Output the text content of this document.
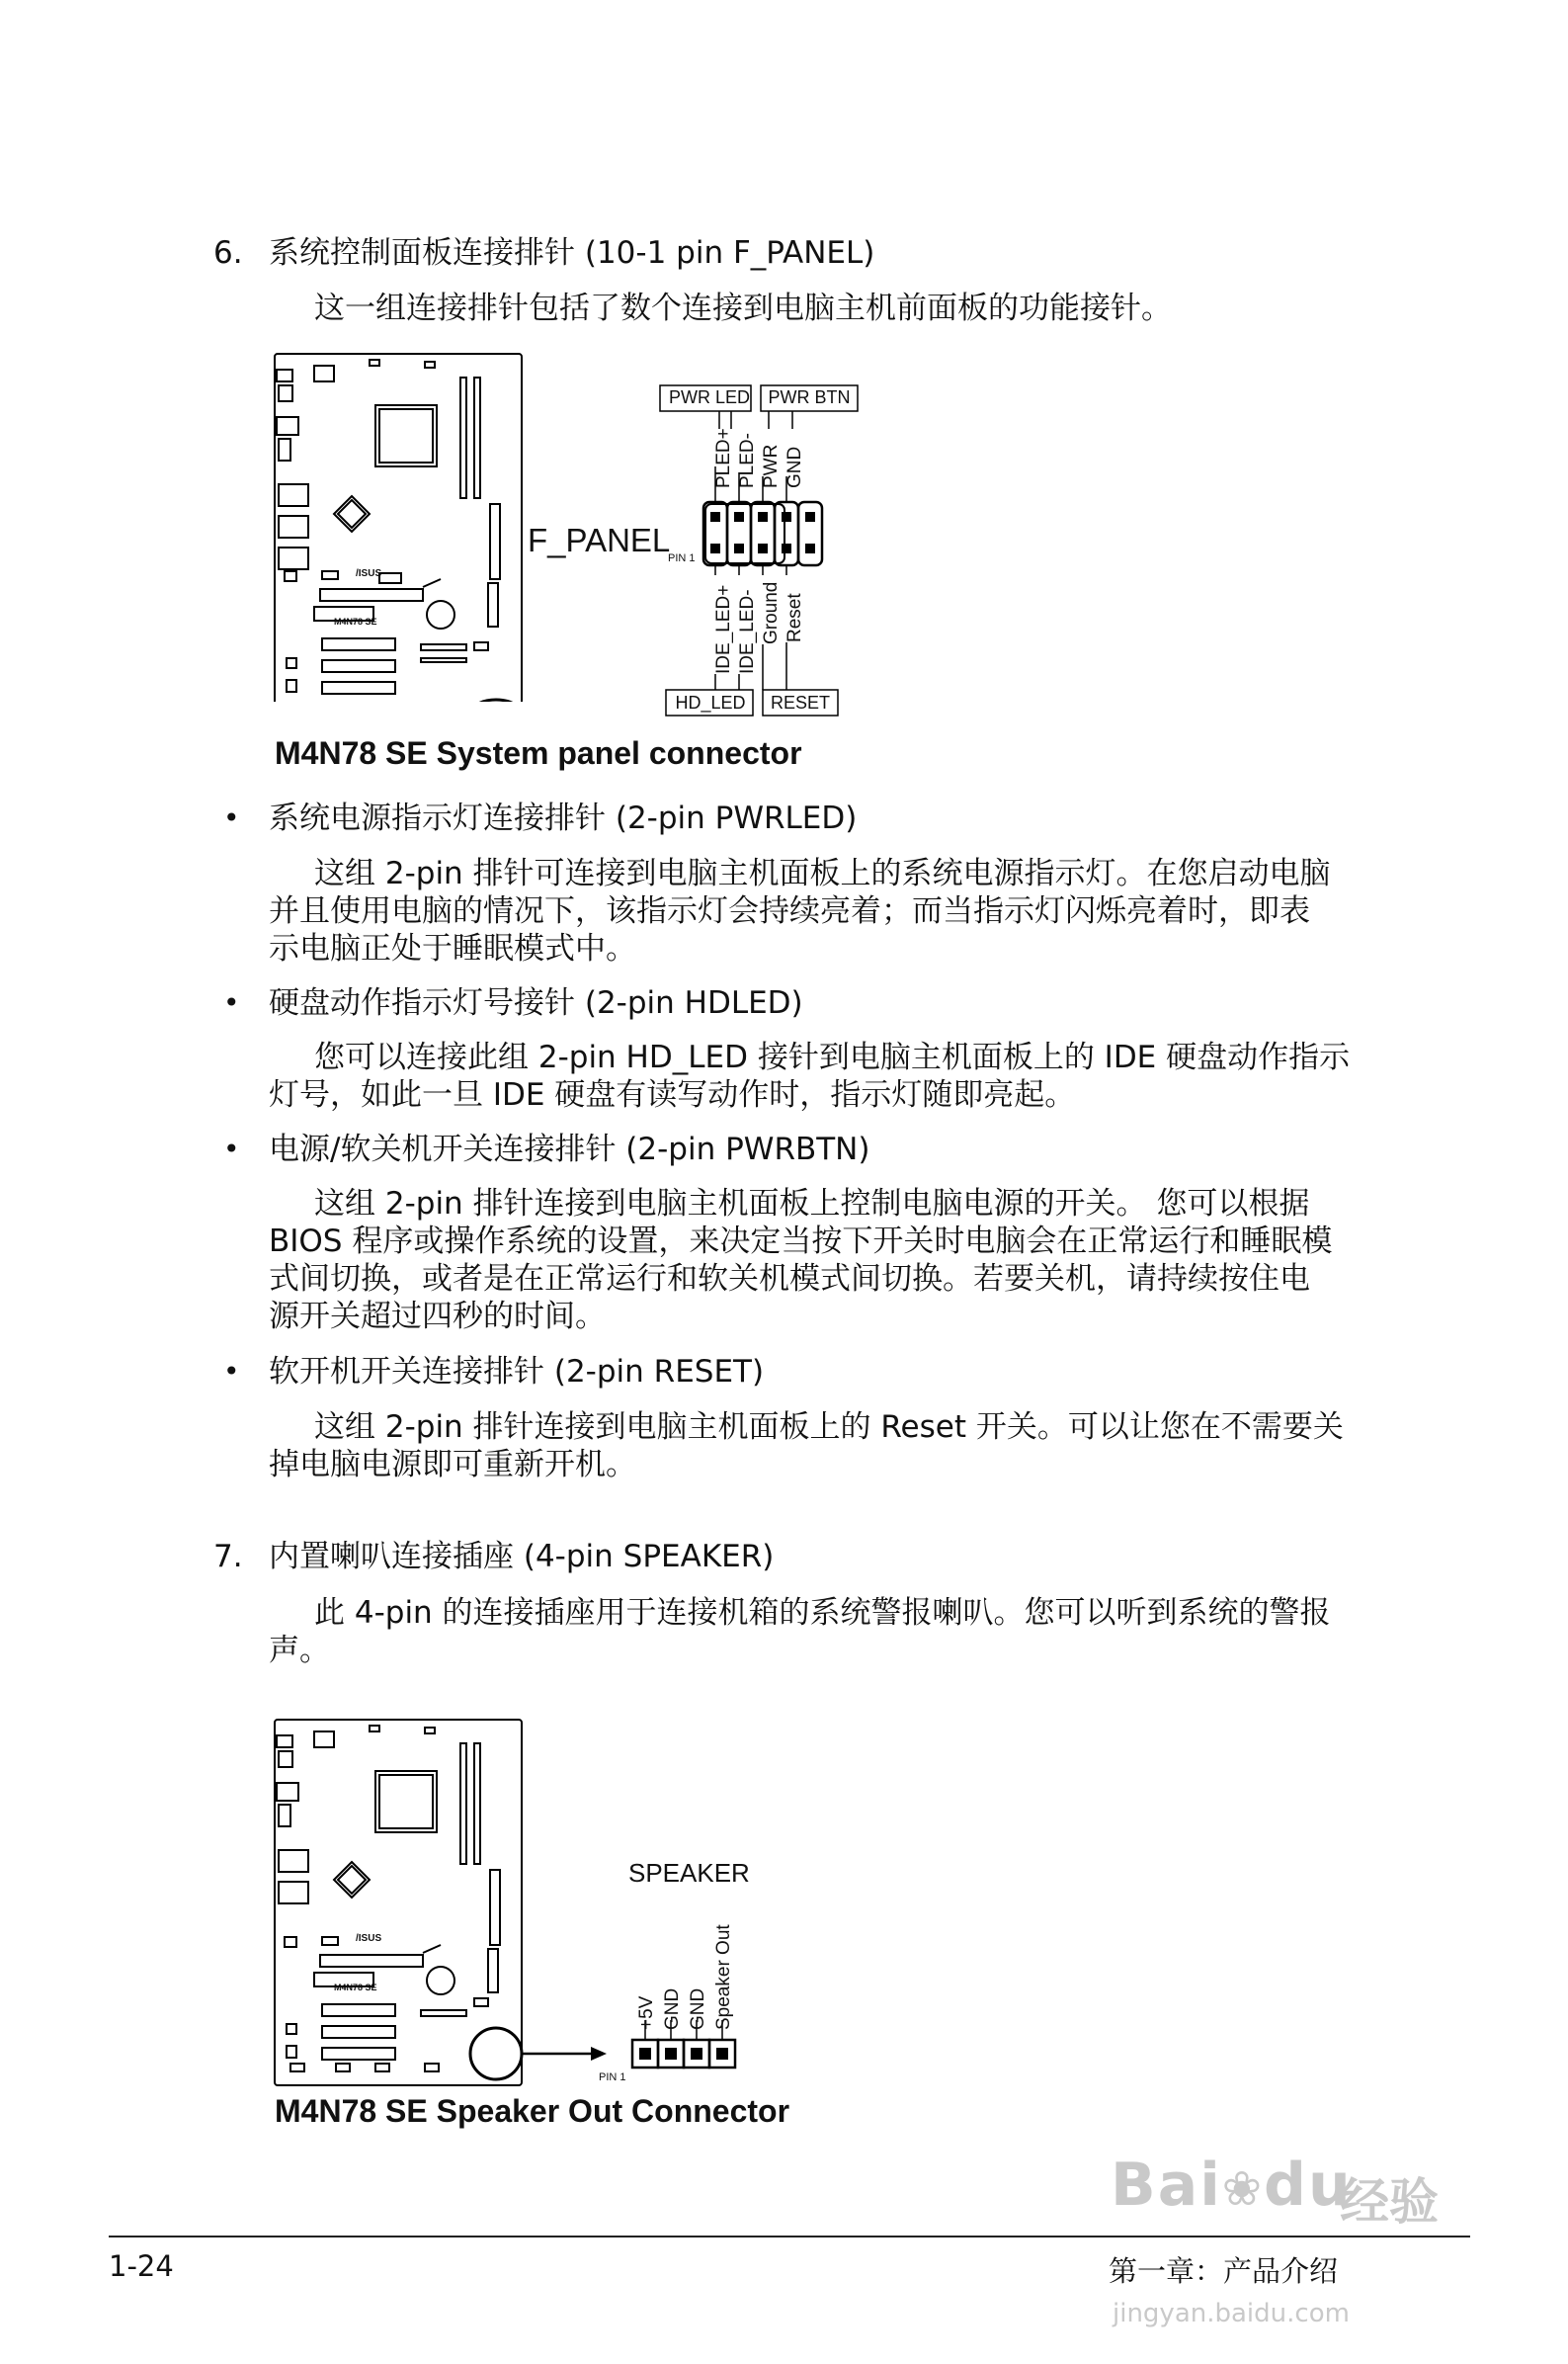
6. 系统控制面板连接排针 (10-1 pin F_PANEL)
这一组连接排针包括了数个连接到电脑主机前面板的功能接针。
M4N78 SE
/ISUS
F_PANEL
PIN 1
PWR LED	PWR BTN
HD_LED	RESET
PLED+ PLED- PWR GND
IDE_LED+ IDE_LED- Ground Reset
M4N78 SE System panel connector
• 系统电源指示灯连接排针 (2-pin PWRLED)
这组 2-pin 排针可连接到电脑主机面板上的系统电源指示灯。在您启动电脑
并且使用电脑的情况下，该指示灯会持续亮着；而当指示灯闪烁亮着时，即表
示电脑正处于睡眠模式中。
• 硬盘动作指示灯号接针 (2-pin HDLED)
您可以连接此组 2-pin HD_LED 接针到电脑主机面板上的 IDE 硬盘动作指示
灯号，如此一旦 IDE 硬盘有读写动作时，指示灯随即亮起。
• 电源/软关机开关连接排针 (2-pin PWRBTN)
这组 2-pin 排针连接到电脑主机面板上控制电脑电源的开关。 您可以根据
BIOS 程序或操作系统的设置，来决定当按下开关时电脑会在正常运行和睡眠模
式间切换，或者是在正常运行和软关机模式间切换。若要关机，请持续按住电
源开关超过四秒的时间。
• 软开机开关连接排针 (2-pin RESET)
这组 2-pin 排针连接到电脑主机面板上的 Reset 开关。可以让您在不需要关
掉电脑电源即可重新开机。
7. 内置喇叭连接插座 (4-pin SPEAKER)
此 4-pin 的连接插座用于连接机箱的系统警报喇叭。您可以听到系统的警报
声。
M4N78 SE
/ISUS
SPEAKER
PIN 1
+5V GND GND Speaker Out
M4N78 SE Speaker Out Connector
Bai❀du
经验
1-24	第一章：产品介绍
jingyan.baidu.com
